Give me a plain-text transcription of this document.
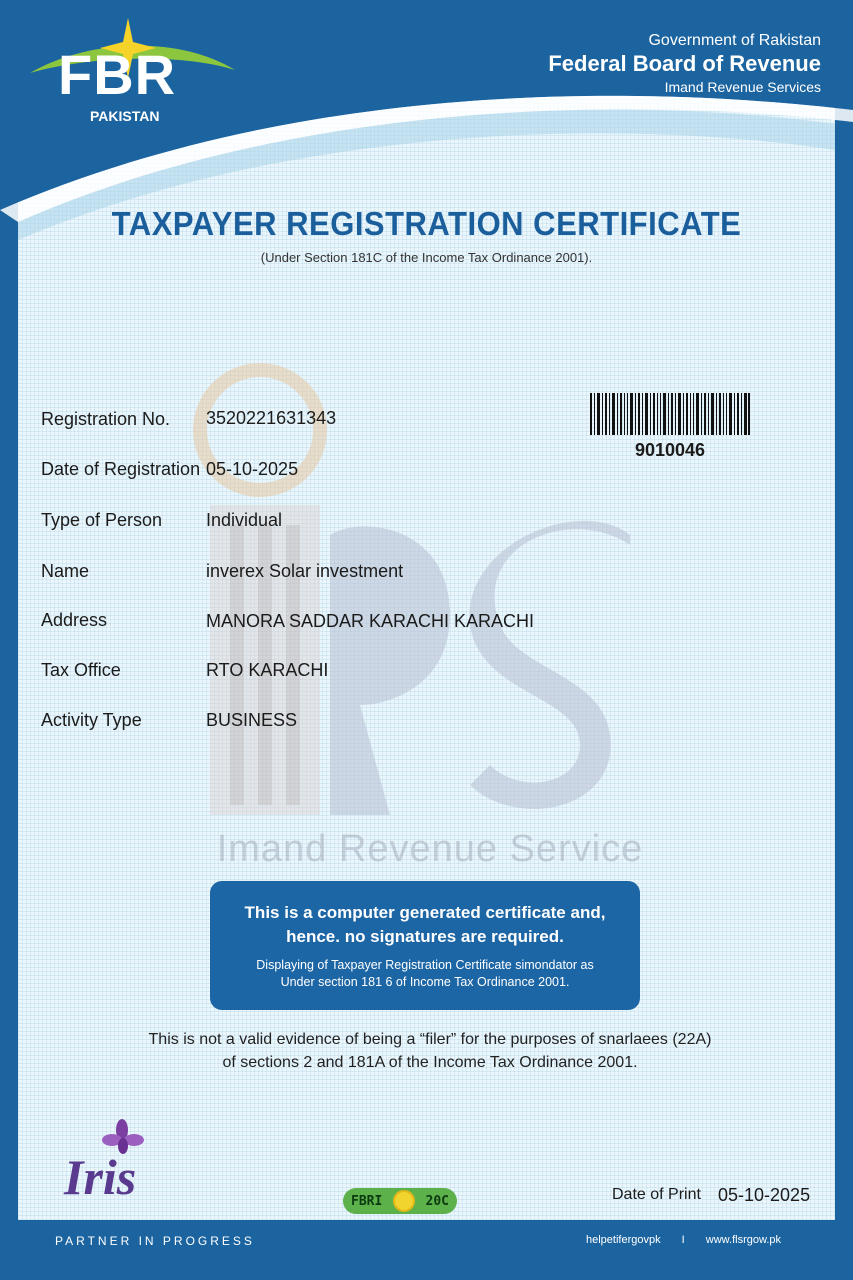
FBR
PAKISTAN
Government of Rakistan
Federal Board of Revenue
Imand Revenue Services
TAXPAYER REGISTRATION CERTIFICATE
(Under Section 181C of the Income Tax Ordinance 2001).
Imand Revenue Service
Registration No. 3520221631343
Date of Registration 05-10-2025
Type of Person Individual
Name	inverex Solar investment
Address	MANORA SADDAR KARACHI KARACHI
Tax Office	RTO KARACHI
Activity Type	BUSINESS
9010046
This is a computer generated certificate and,
hence. no signatures are required.
Displaying of Taxpayer Registration Certificate simondator as
Under section 181 6 of Income Tax Ordinance 2001.
This is not a valid evidence of being a “filer” for the purposes of snarlaees (22A)
of sections 2 and 181A of the Income Tax Ordinance 2001.
Iris	FBRI	20C	Date of Print 05-10-2025
PARTNER IN PROGRESS	helpetifergovpk I www.flsrgow.pk
